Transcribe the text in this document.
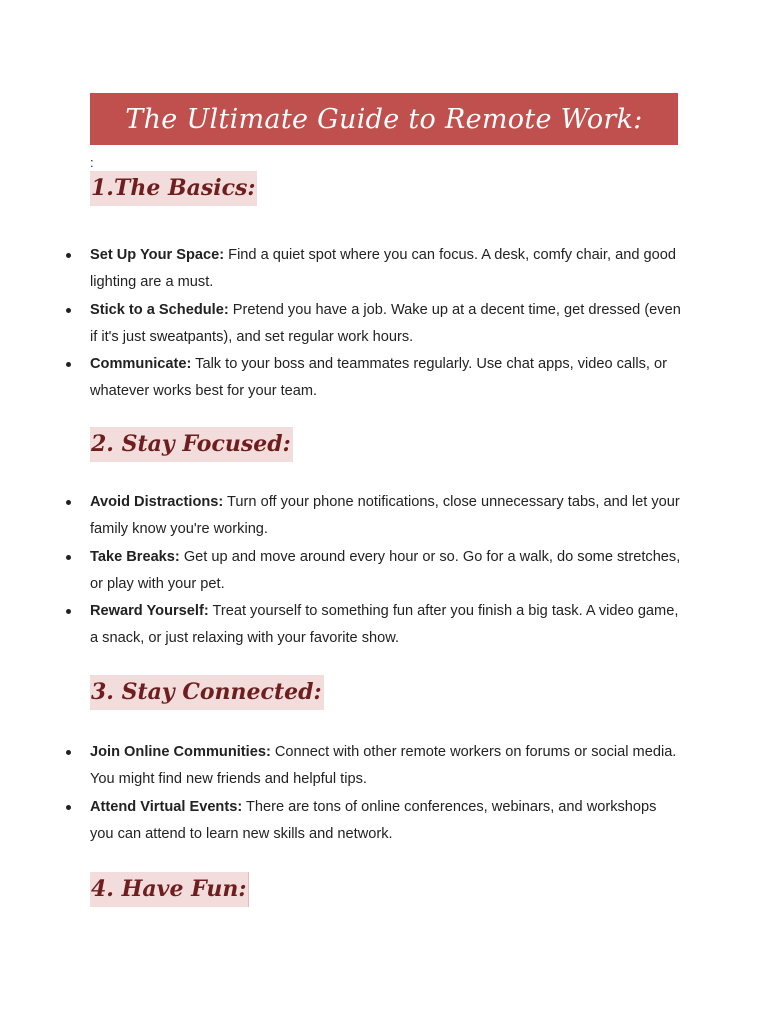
The Ultimate Guide to Remote Work:
:
1.The Basics:
Set Up Your Space: Find a quiet spot where you can focus. A desk, comfy chair, and good lighting are a must.
Stick to a Schedule: Pretend you have a job. Wake up at a decent time, get dressed (even if it's just sweatpants), and set regular work hours.
Communicate: Talk to your boss and teammates regularly. Use chat apps, video calls, or whatever works best for your team.
2. Stay Focused:
Avoid Distractions: Turn off your phone notifications, close unnecessary tabs, and let your family know you're working.
Take Breaks: Get up and move around every hour or so. Go for a walk, do some stretches, or play with your pet.
Reward Yourself: Treat yourself to something fun after you finish a big task. A video game, a snack, or just relaxing with your favorite show.
3. Stay Connected:
Join Online Communities: Connect with other remote workers on forums or social media. You might find new friends and helpful tips.
Attend Virtual Events: There are tons of online conferences, webinars, and workshops you can attend to learn new skills and network.
4. Have Fun:
